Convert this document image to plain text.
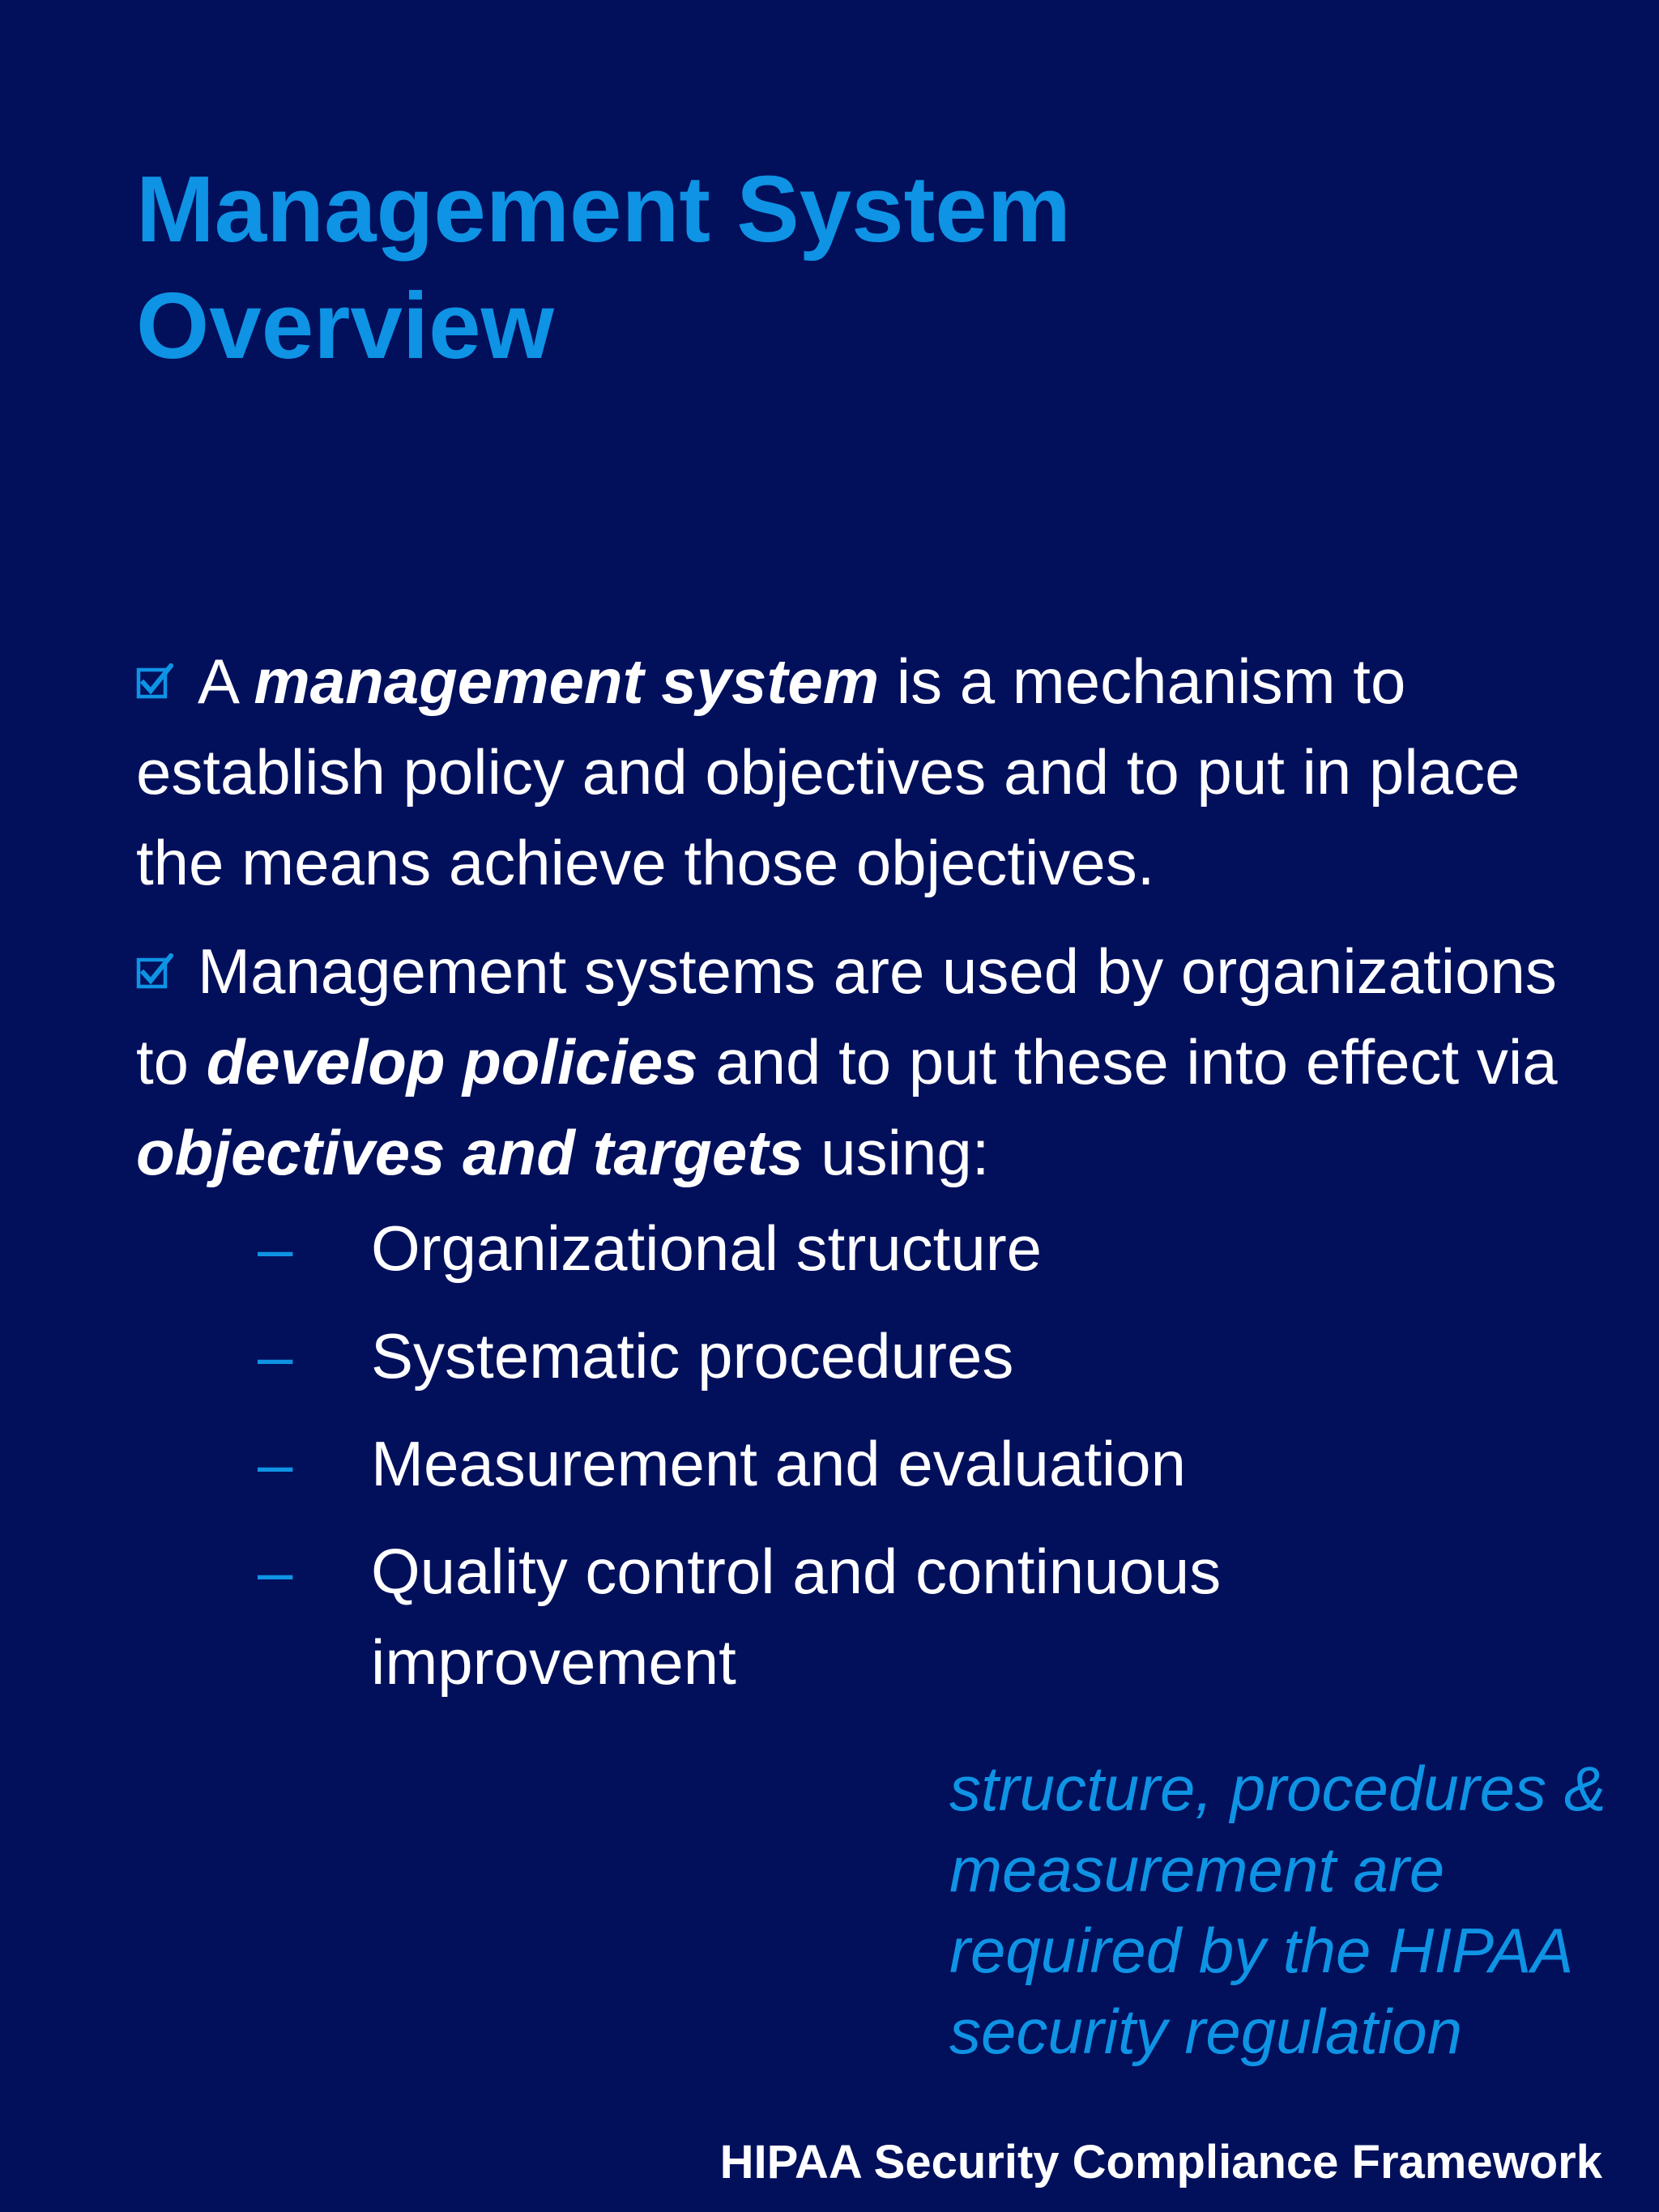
Management System Overview

A management system is a mechanism to establish policy and objectives and to put in place the means achieve those objectives.

Management systems are used by organizations to develop policies and to put these into effect via objectives and targets using:
– Organizational structure
– Systematic procedures
– Measurement and evaluation
– Quality control and continuous improvement
structure, procedures & measurement are required by the HIPAA security regulation
HIPAA Security Compliance Framework
